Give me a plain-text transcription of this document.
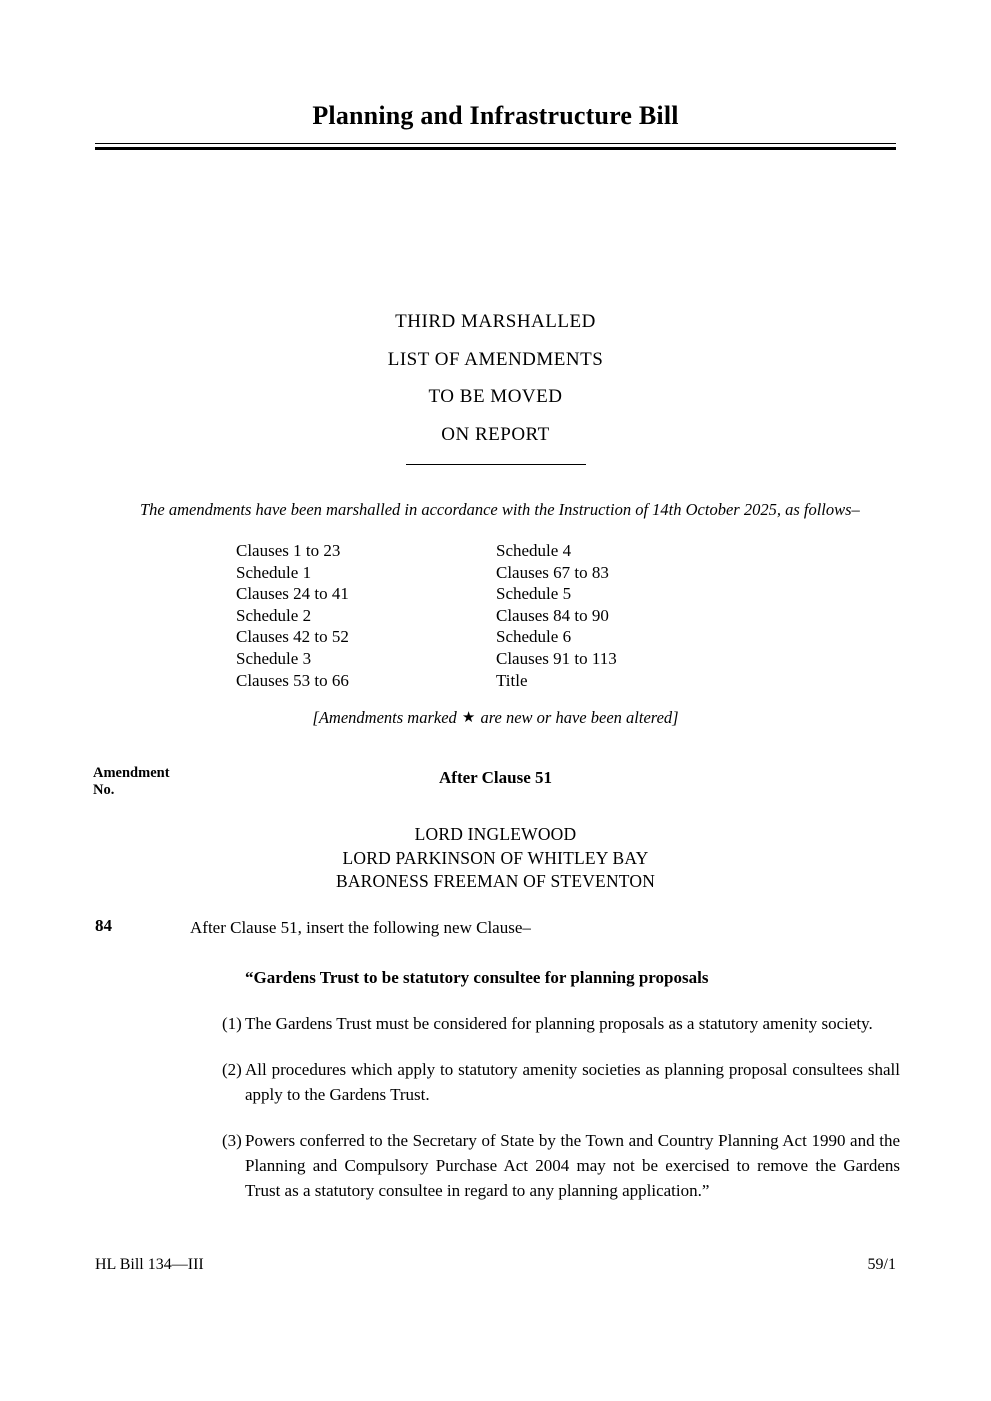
Planning and Infrastructure Bill
THIRD MARSHALLED
LIST OF AMENDMENTS
TO BE MOVED
ON REPORT
The amendments have been marshalled in accordance with the Instruction of 14th October 2025, as follows–
Clauses 1 to 23
Schedule 1
Clauses 24 to 41
Schedule 2
Clauses 42 to 52
Schedule 3
Clauses 53 to 66
Schedule 4
Clauses 67 to 83
Schedule 5
Clauses 84 to 90
Schedule 6
Clauses 91 to 113
Title
[Amendments marked ★ are new or have been altered]
Amendment
No.
After Clause 51
LORD INGLEWOOD
LORD PARKINSON OF WHITLEY BAY
BARONESS FREEMAN OF STEVENTON
84	After Clause 51, insert the following new Clause–
“Gardens Trust to be statutory consultee for planning proposals
(1) The Gardens Trust must be considered for planning proposals as a statutory amenity society.
(2) All procedures which apply to statutory amenity societies as planning proposal consultees shall apply to the Gardens Trust.
(3) Powers conferred to the Secretary of State by the Town and Country Planning Act 1990 and the Planning and Compulsory Purchase Act 2004 may not be exercised to remove the Gardens Trust as a statutory consultee in regard to any planning application.”
HL Bill 134—III	59/1
